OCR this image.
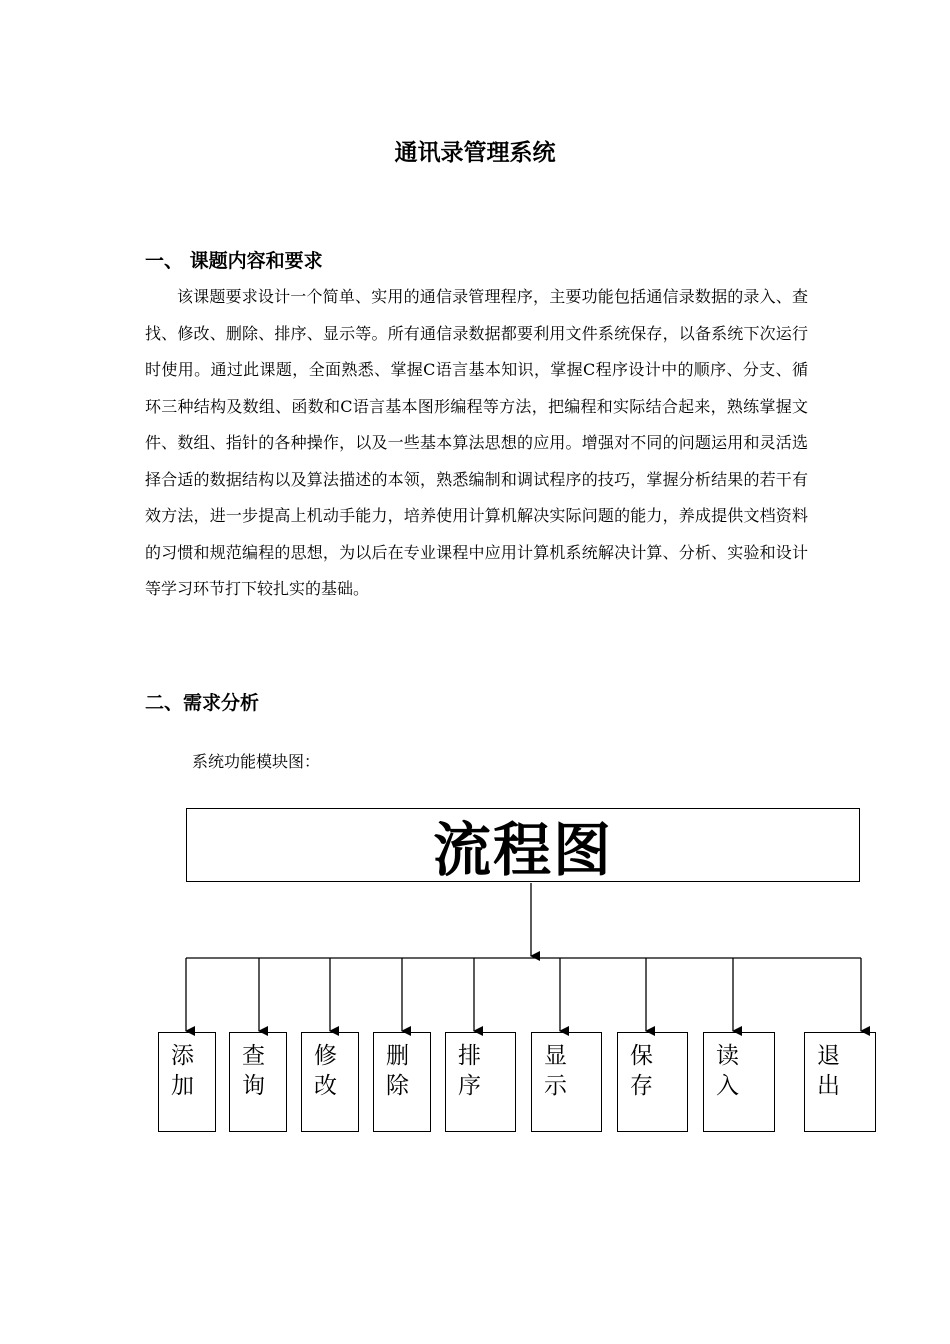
通讯录管理系统
一、 课题内容和要求

该课题要求设计一个简单、实用的通信录管理程序，主要功能包括通信录数据的录入、查找、修改、删除、排序、显示等。所有通信录数据都要利用文件系统保存，以备系统下次运行时使用。通过此课题，全面熟悉、掌握C语言基本知识，掌握C程序设计中的顺序、分支、循环三种结构及数组、函数和C语言基本图形编程等方法，把编程和实际结合起来，熟练掌握文件、数组、指针的各种操作，以及一些基本算法思想的应用。增强对不同的问题运用和灵活选择合适的数据结构以及算法描述的本领，熟悉编制和调试程序的技巧，掌握分析结果的若干有效方法，进一步提高上机动手能力，培养使用计算机解决实际问题的能力，养成提供文档资料的习惯和规范编程的思想，为以后在专业课程中应用计算机系统解决计算、分析、实验和设计等学习环节打下较扎实的基础。

二、需求分析
系统功能模块图：
流程图
添加
查询
修改
删除
排序
显示
保存
读入
退出
